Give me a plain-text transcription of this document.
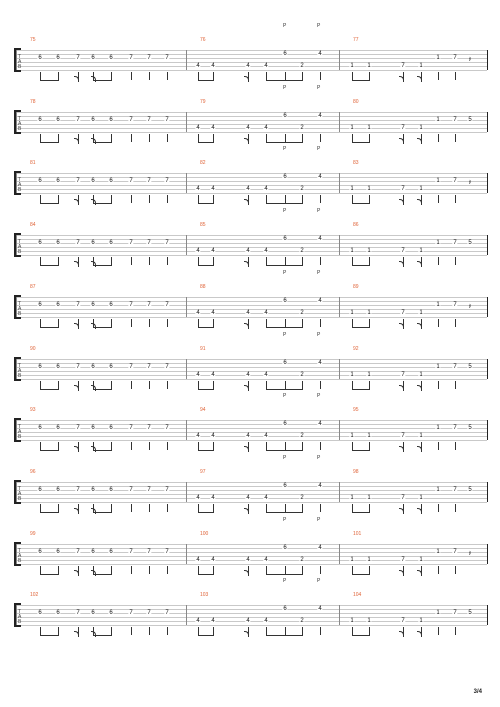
TAB
75	76	77
P	P
6 6	7 6 6	7 7 7
4 4	4 4	2
6	4
1 1	7 1
1 7 𝄽
TAB
78	79	80
P	P
6 6	7 6 6	7 7 7
4 4	4 4	2
6	4
1 1	7 1
1 7 5
TAB
81	82	83
P	P
6 6	7 6 6	7 7 7
4 4	4 4	2
6	4
1 1	7 1
1 7 𝄽
TAB
84	85	86
P	P
6 6	7 6 6	7 7 7
4 4	4 4	2
6	4
1 1	7 1
1 7 5
TAB
87	88	89
P	P
6 6	7 6 6	7 7 7
4 4	4 4	2
6	4
1 1	7 1
1 7 𝄽
TAB
90	91	92
P	P
6 6	7 6 6	7 7 7
4 4	4 4	2
6	4
1 1	7 1
1 7 5
TAB
93	94	95
P	P
6 6	7 6 6	7 7 7
4 4	4 4	2
6	4
1 1	7 1
1 7 5
TAB
96	97	98
P	P
6 6	7 6 6	7 7 7
4 4	4 4	2
6	4
1 1	7 1
1 7 5
TAB
99	100	101
P	P
6 6	7 6 6	7 7 7
4 4	4 4	2
6	4
1 1	7 1
1 7 𝄽
TAB
102	103	104
P	P
6 6	7 6 6	7 7 7
4 4	4 4	2
6	4
1 1	7 1
1 7 5
3/4
